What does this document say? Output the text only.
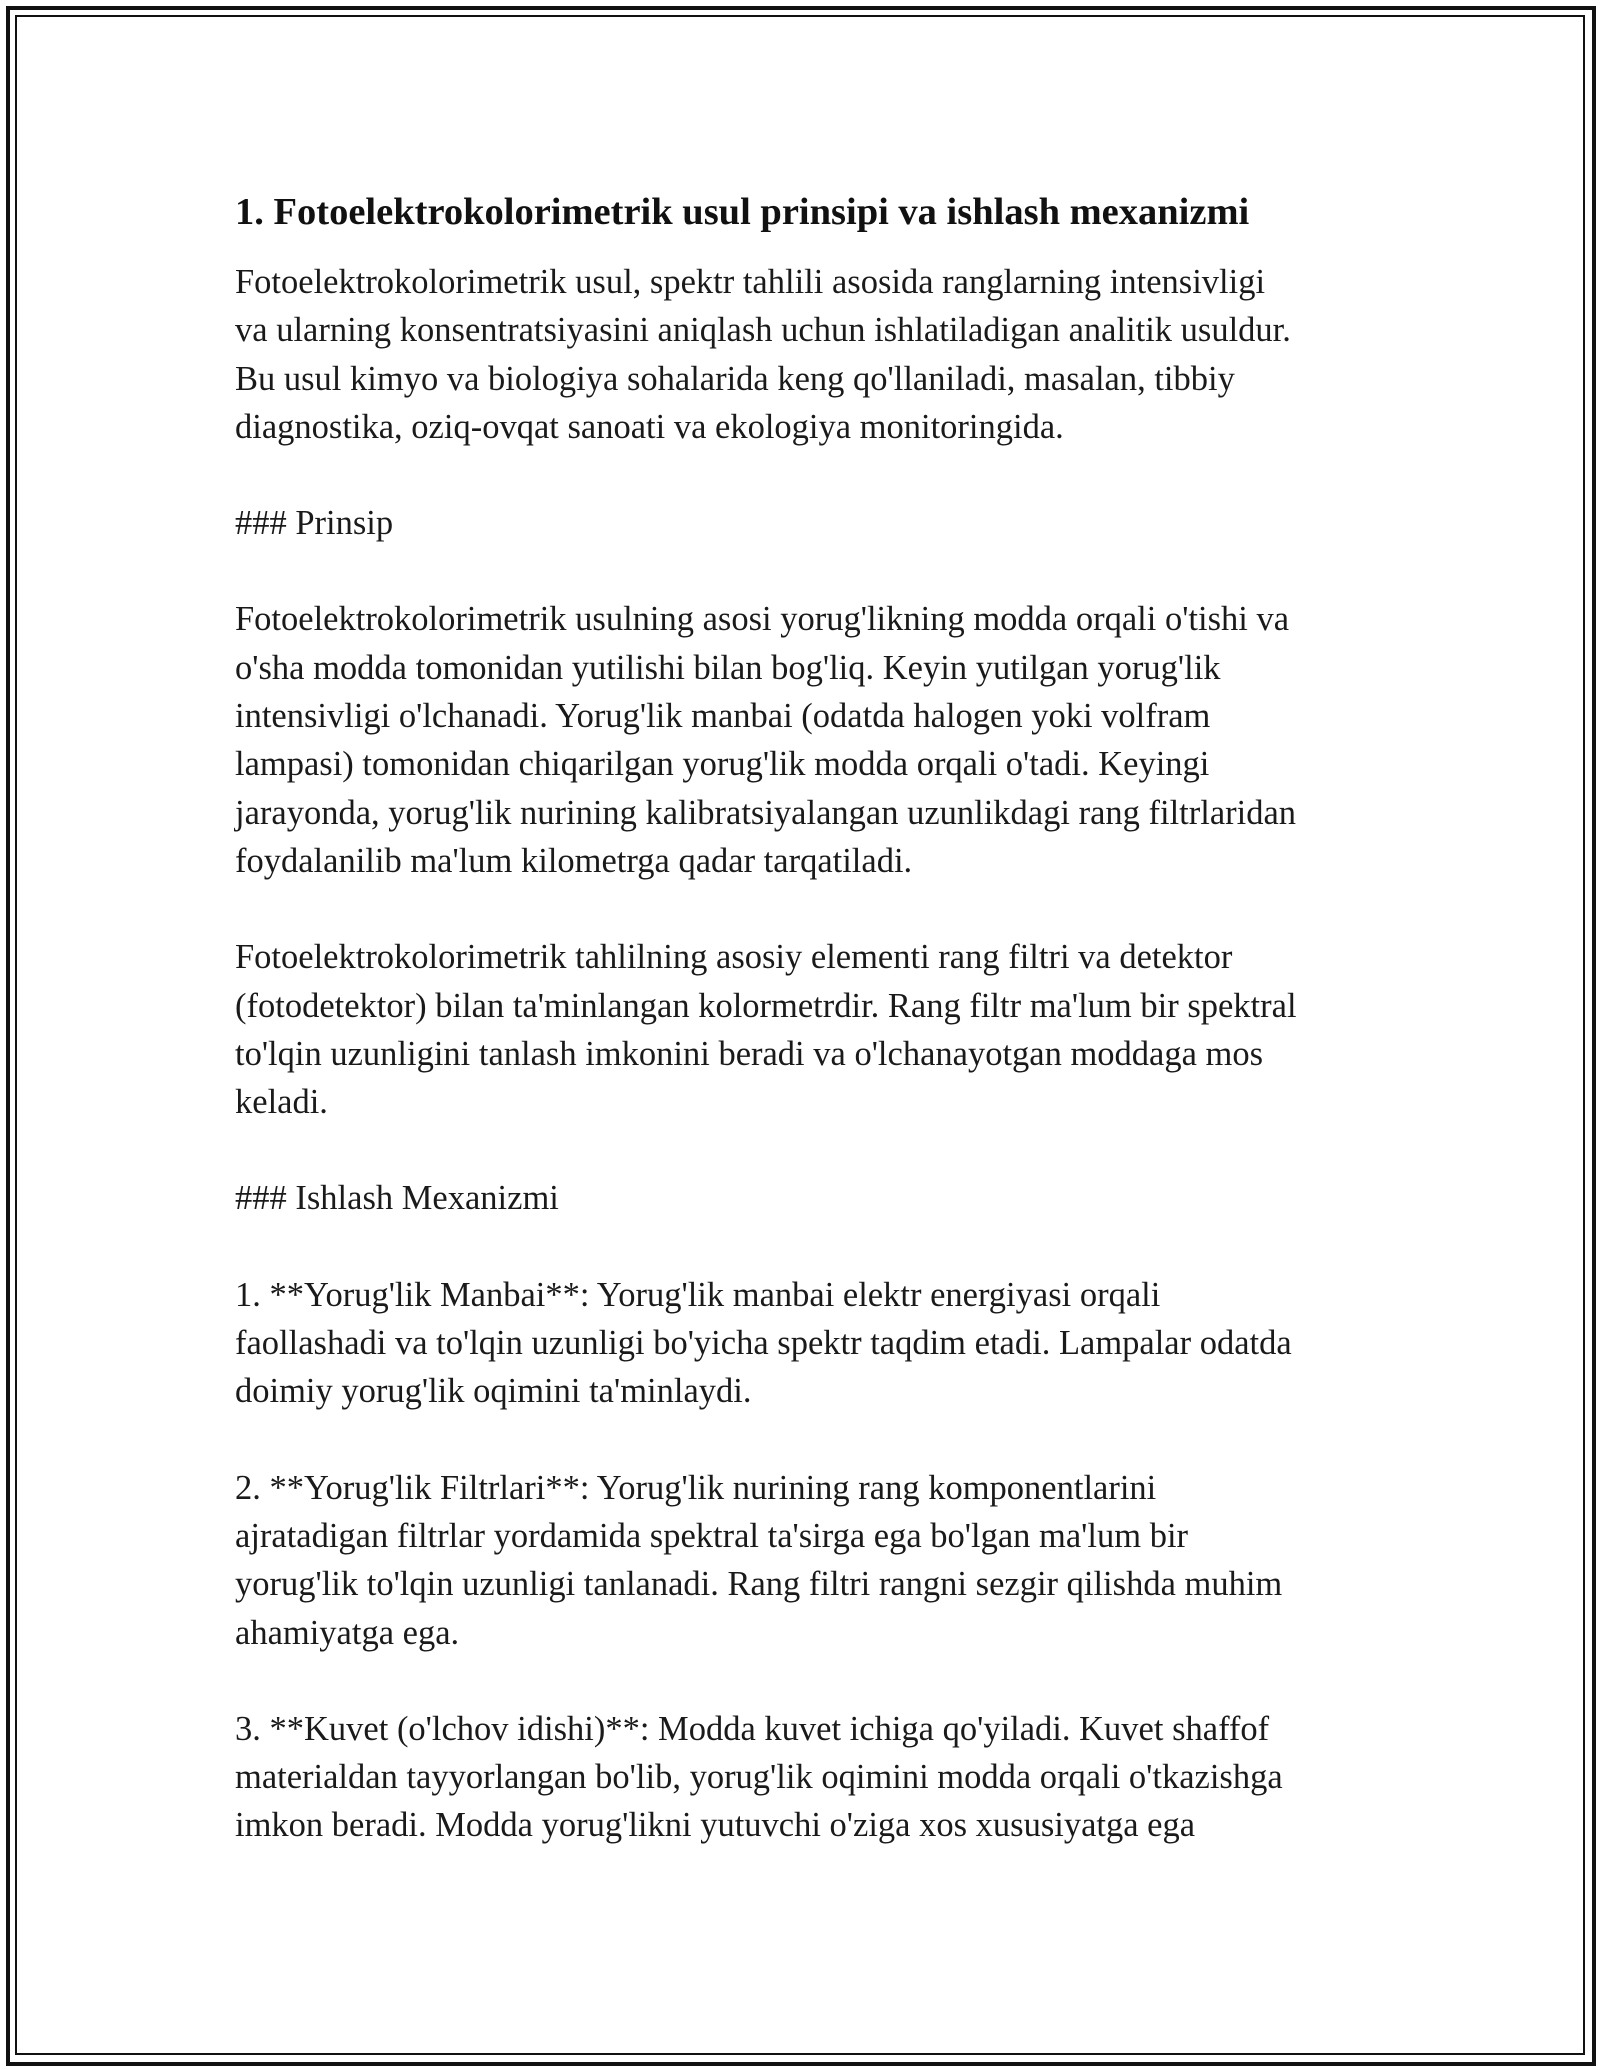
1. Fotoelektrokolorimetrik usul prinsipi va ishlash mexanizmi

Fotoelektrokolorimetrik usul, spektr tahlili asosida ranglarning intensivligi
va ularning konsentratsiyasini aniqlash uchun ishlatiladigan analitik usuldur.
Bu usul kimyo va biologiya sohalarida keng qo'llaniladi, masalan, tibbiy
diagnostika, oziq-ovqat sanoati va ekologiya monitoringida.

### Prinsip

Fotoelektrokolorimetrik usulning asosi yorug'likning modda orqali o'tishi va
o'sha modda tomonidan yutilishi bilan bog'liq. Keyin yutilgan yorug'lik
intensivligi o'lchanadi. Yorug'lik manbai (odatda halogen yoki volfram
lampasi) tomonidan chiqarilgan yorug'lik modda orqali o'tadi. Keyingi
jarayonda, yorug'lik nurining kalibratsiyalangan uzunlikdagi rang filtrlaridan
foydalanilib ma'lum kilometrga qadar tarqatiladi.

Fotoelektrokolorimetrik tahlilning asosiy elementi rang filtri va detektor
(fotodetektor) bilan ta'minlangan kolormetrdir. Rang filtr ma'lum bir spektral
to'lqin uzunligini tanlash imkonini beradi va o'lchanayotgan moddaga mos
keladi.

### Ishlash Mexanizmi

1. **Yorug'lik Manbai**: Yorug'lik manbai elektr energiyasi orqali
faollashadi va to'lqin uzunligi bo'yicha spektr taqdim etadi. Lampalar odatda
doimiy yorug'lik oqimini ta'minlaydi.

2. **Yorug'lik Filtrlari**: Yorug'lik nurining rang komponentlarini
ajratadigan filtrlar yordamida spektral ta'sirga ega bo'lgan ma'lum bir
yorug'lik to'lqin uzunligi tanlanadi. Rang filtri rangni sezgir qilishda muhim
ahamiyatga ega.

3. **Kuvet (o'lchov idishi)**: Modda kuvet ichiga qo'yiladi. Kuvet shaffof
materialdan tayyorlangan bo'lib, yorug'lik oqimini modda orqali o'tkazishga
imkon beradi. Modda yorug'likni yutuvchi o'ziga xos xususiyatga ega
